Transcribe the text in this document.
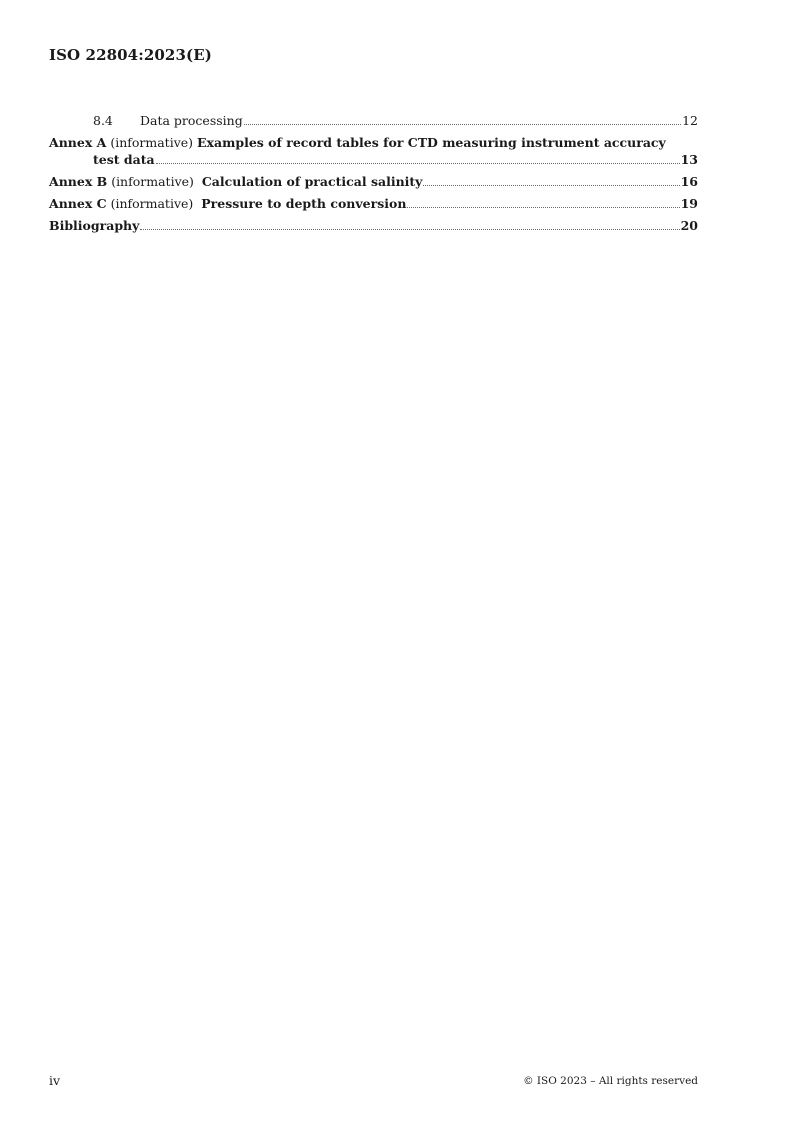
ISO 22804:2023(E)
8.4	Data processing	12
Annex A (informative) Examples of record tables for CTD measuring instrument accuracy
test data	13
Annex B
(informative)
Calculation of practical salinity	16
Annex C
(informative)
Pressure to depth conversion	19
Bibliography	20
iv	© ISO 2023 – All rights reserved
